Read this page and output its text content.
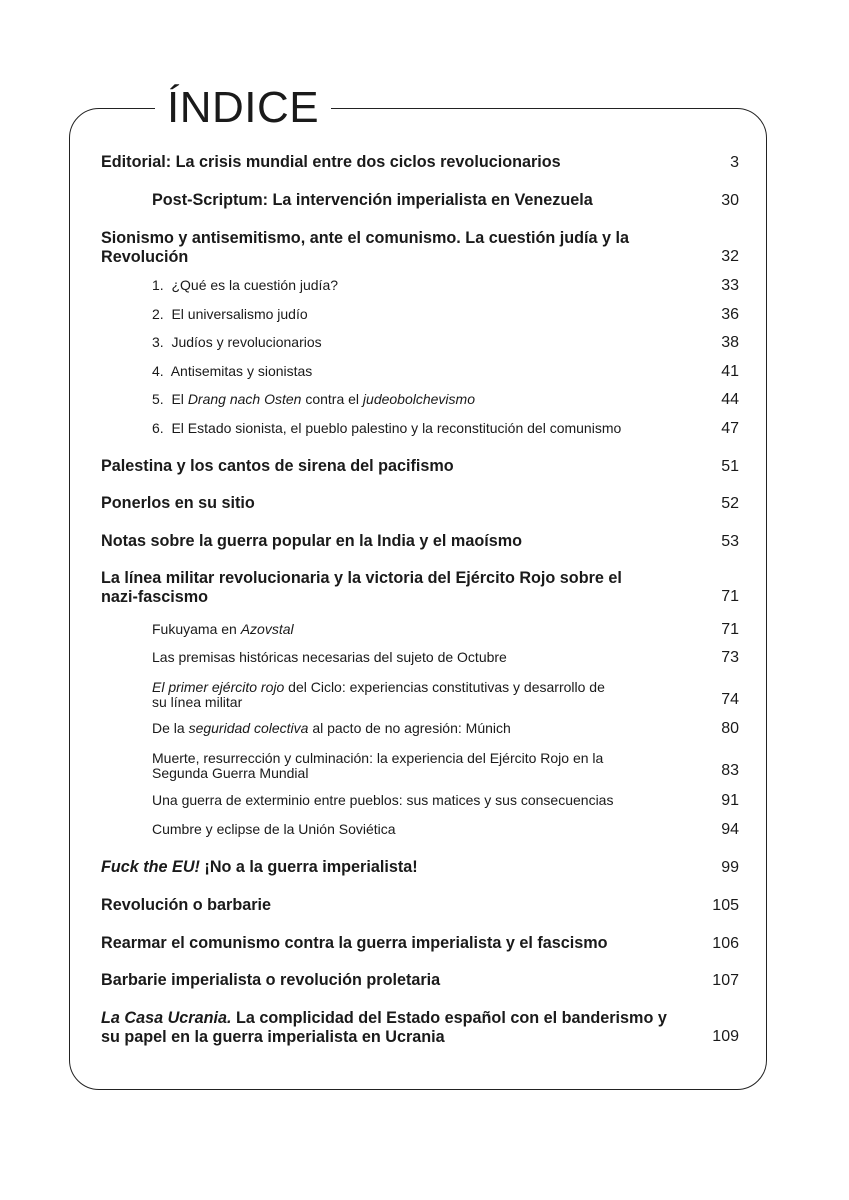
ÍNDICE
Editorial: La crisis mundial entre dos ciclos revolucionarios	3
Post-Scriptum: La intervención imperialista en Venezuela	30
Sionismo y antisemitismo, ante el comunismo. La cuestión judía y la
Revolución	32
1. ¿Qué es la cuestión judía?	33
2. El universalismo judío	36
3. Judíos y revolucionarios	38
4. Antisemitas y sionistas	41
5. El Drang nach Osten contra el judeobolchevismo	44
6. El Estado sionista, el pueblo palestino y la reconstitución del comunismo	47
Palestina y los cantos de sirena del pacifismo	51
Ponerlos en su sitio	52
Notas sobre la guerra popular en la India y el maoísmo	53
La línea militar revolucionaria y la victoria del Ejército Rojo sobre el
nazi-fascismo	71
Fukuyama en Azovstal	71
Las premisas históricas necesarias del sujeto de Octubre	73
El primer ejército rojo del Ciclo: experiencias constitutivas y desarrollo de
su línea militar	74
De la seguridad colectiva al pacto de no agresión: Múnich	80
Muerte, resurrección y culminación: la experiencia del Ejército Rojo en la
Segunda Guerra Mundial	83
Una guerra de exterminio entre pueblos: sus matices y sus consecuencias	91
Cumbre y eclipse de la Unión Soviética	94
Fuck the EU! ¡No a la guerra imperialista!	99
Revolución o barbarie	105
Rearmar el comunismo contra la guerra imperialista y el fascismo	106
Barbarie imperialista o revolución proletaria	107
La Casa Ucrania. La complicidad del Estado español con el banderismo y
su papel en la guerra imperialista en Ucrania	109
